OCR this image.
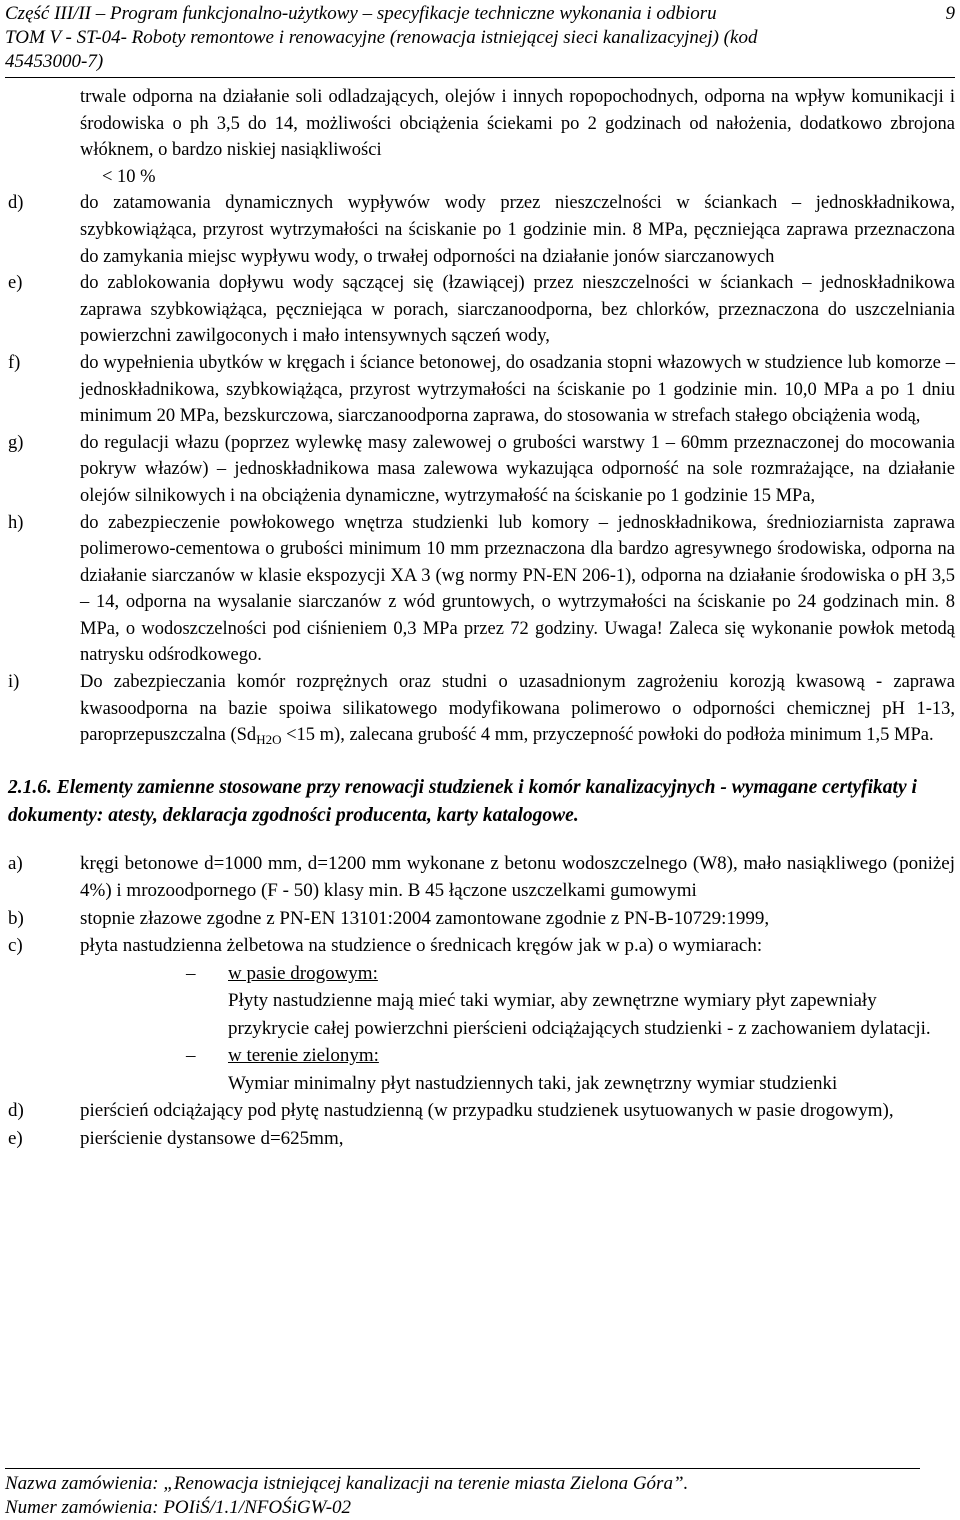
Część III/II – Program funkcjonalno-użytkowy – specyfikacje techniczne wykonania i odbioru	9
TOM V - ST-04- Roboty remontowe i renowacyjne (renowacja istniejącej sieci kanalizacyjnej) (kod
45453000-7)
trwale odporna na działanie soli odladzających, olejów i innych ropopochodnych, odporna na wpływ komunikacji i środowiska o ph 3,5 do 14, możliwości obciążenia ściekami po 2 godzinach od nałożenia, dodatkowo zbrojona włóknem, o bardzo niskiej nasiąkliwości
< 10 %
d)	do zatamowania dynamicznych wypływów wody przez nieszczelności w ściankach – jednoskładnikowa, szybkowiążąca, przyrost wytrzymałości na ściskanie po 1 godzinie min. 8 MPa, pęczniejąca zaprawa przeznaczona do zamykania miejsc wypływu wody, o trwałej odporności na działanie jonów siarczanowych
e)	do zablokowania dopływu wody sączącej się (łzawiącej) przez nieszczelności w ściankach – jednoskładnikowa zaprawa szybkowiążąca, pęczniejąca w porach, siarczanoodporna, bez chlorków, przeznaczona do uszczelniania powierzchni zawilgoconych i mało intensywnych sączeń wody,
f)	do wypełnienia ubytków w kręgach i ściance betonowej, do osadzania stopni włazowych w studzience lub komorze – jednoskładnikowa, szybkowiążąca, przyrost wytrzymałości na ściskanie po 1 godzinie min. 10,0 MPa a po 1 dniu minimum 20 MPa, bezskurczowa, siarczanoodporna zaprawa, do stosowania w strefach stałego obciążenia wodą,
g)	do regulacji włazu (poprzez wylewkę masy zalewowej o grubości warstwy 1 – 60mm przeznaczonej do mocowania pokryw włazów) – jednoskładnikowa masa zalewowa wykazująca odporność na sole rozmrażające, na działanie olejów silnikowych i na obciążenia dynamiczne, wytrzymałość na ściskanie po 1 godzinie 15 MPa,
h)	do zabezpieczenie powłokowego wnętrza studzienki lub komory – jednoskładnikowa, średnioziarnista zaprawa polimerowo-cementowa o grubości minimum 10 mm przeznaczona dla bardzo agresywnego środowiska, odporna na działanie siarczanów w klasie ekspozycji XA 3 (wg normy PN-EN 206-1), odporna na działanie środowiska o pH 3,5 – 14, odporna na wysalanie siarczanów z wód gruntowych, o wytrzymałości na ściskanie po 24 godzinach min. 8 MPa, o wodoszczelności pod ciśnieniem 0,3 MPa przez 72 godziny. Uwaga! Zaleca się wykonanie powłok metodą natrysku odśrodkowego.
i)	Do zabezpieczania komór rozprężnych oraz studni o uzasadnionym zagrożeniu korozją kwasową - zaprawa kwasoodporna na bazie spoiwa silikatowego modyfikowana polimerowo o odporności chemicznej pH 1-13, paroprzepuszczalna ($Sd_{H2O} <15$ m), zalecana grubość 4 mm, przyczepność powłoki do podłoża minimum 1,5 MPa.
2.1.6. Elementy zamienne stosowane przy renowacji studzienek i komór kanalizacyjnych - wymagane certyfikaty i dokumenty: atesty, deklaracja zgodności producenta, karty katalogowe.
a)	kręgi betonowe d=1000 mm, d=1200 mm wykonane z betonu wodoszczelnego (W8), mało nasiąkliwego (poniżej 4%) i mrozoodpornego (F - 50) klasy min. B 45 łączone uszczelkami gumowymi
b)	stopnie złazowe zgodne z PN-EN 13101:2004 zamontowane zgodnie z PN-B-10729:1999,
c)	płyta nastudzienna żelbetowa na studzience o średnicach kręgów jak w p.a) o wymiarach:
– w pasie drogowym:
Płyty nastudzienne mają mieć taki wymiar, aby zewnętrzne wymiary płyt zapewniały przykrycie całej powierzchni pierścieni odciążających studzienki - z zachowaniem dylatacji.
– w terenie zielonym:
Wymiar minimalny płyt nastudziennych taki, jak zewnętrzny wymiar studzienki
d)	pierścień odciążający pod płytę nastudzienną (w przypadku studzienek usytuowanych w pasie drogowym),
e)	pierścienie dystansowe d=625mm,
Nazwa zamówienia: „Renowacja istniejącej kanalizacji na terenie miasta Zielona Góra”.
Numer zamówienia: POIiŚ/1.1/NFOŚiGW-02
